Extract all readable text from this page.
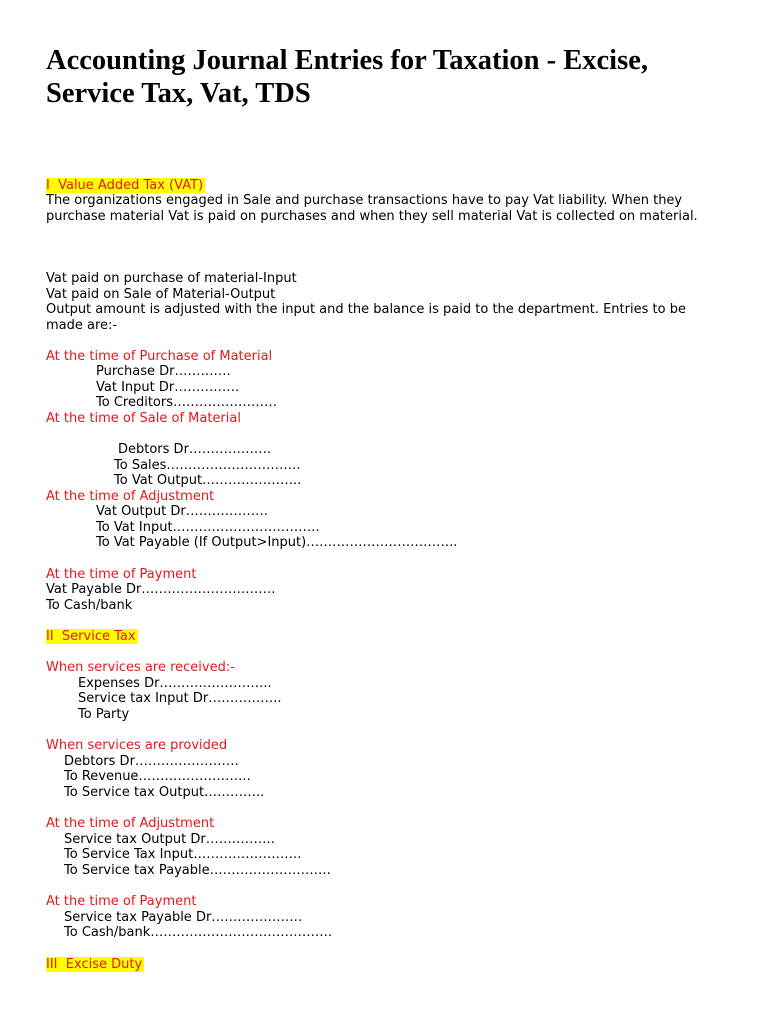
Accounting Journal Entries for Taxation - Excise, Service Tax, Vat, TDS
I  Value Added Tax (VAT)
The organizations engaged in Sale and purchase transactions have to pay Vat liability. When they purchase material Vat is paid on purchases and when they sell material Vat is collected on material.
Vat paid on purchase of material-Input
Vat paid on Sale of Material-Output
Output amount is adjusted with the input and the balance is paid to the department. Entries to be made are:-
At the time of Purchase of Material
Purchase Dr………….
Vat Input Dr……………
To Creditors……………………
At the time of Sale of Material
Debtors Dr……………….
To Sales………………………….
To Vat Output…………………..
At the time of Adjustment
Vat Output Dr……………….
To Vat Input…………………………….
To Vat Payable (If Output>Input)……………………………..
At the time of Payment
Vat Payable Dr………………………….
To Cash/bank
II  Service Tax
When services are received:-
Expenses Dr……………………..
Service tax Input Dr……………..
To Party
When services are provided
Debtors Dr……………………
To Revenue……………………..
To Service tax Output…………..
At the time of Adjustment
Service tax Output Dr…………….
To Service Tax Input…………………….
To Service tax Payable……………………….
At the time of Payment
Service tax Payable Dr…………………
To Cash/bank……………………………………
III  Excise Duty
